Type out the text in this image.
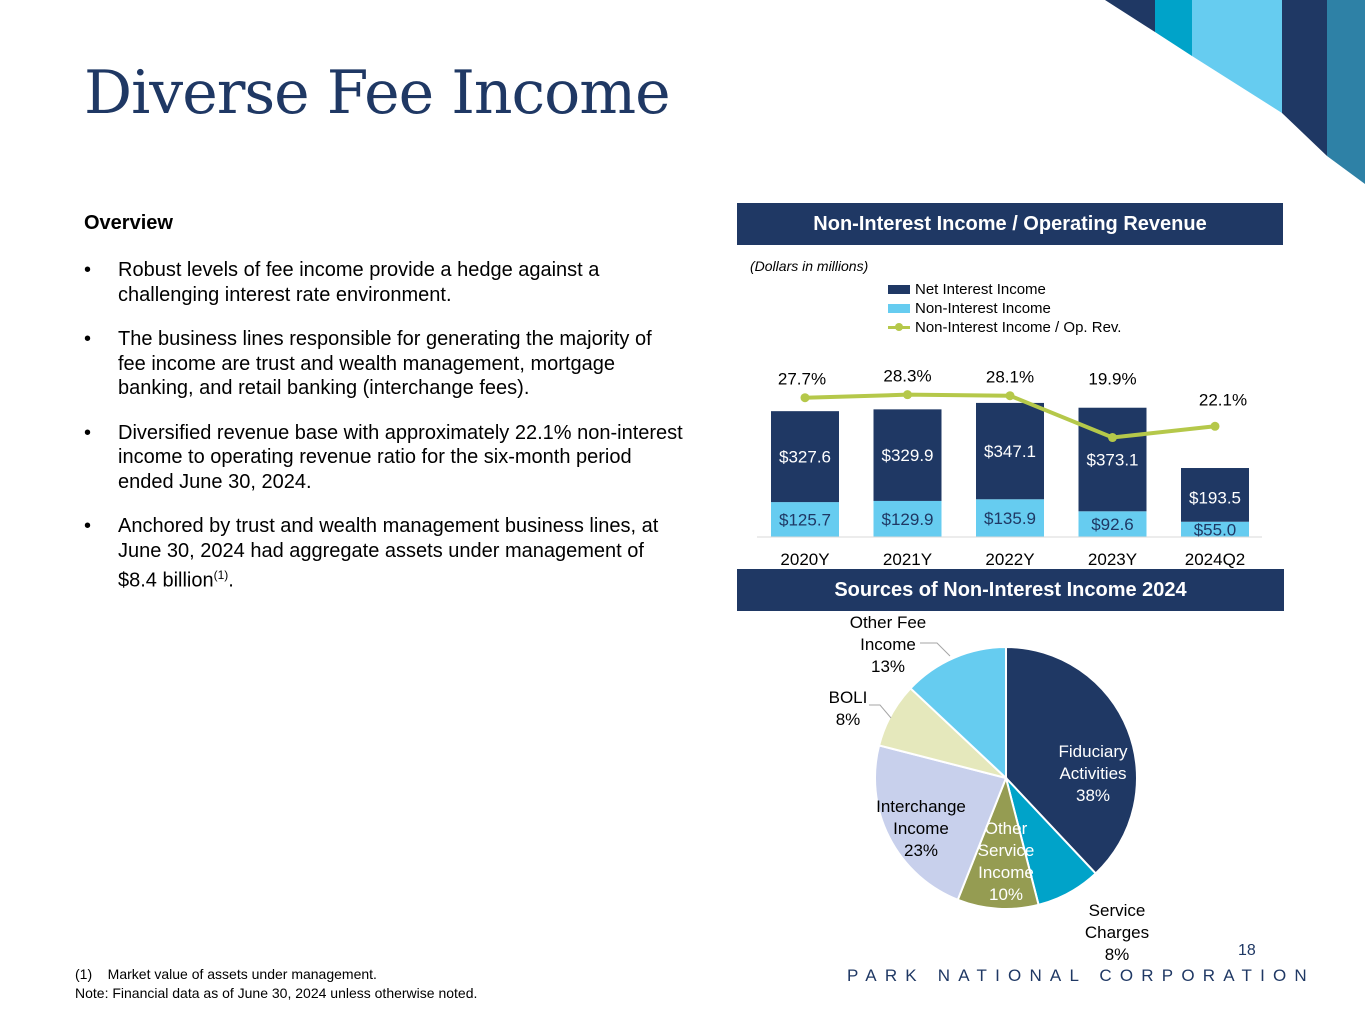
Diverse Fee Income
Overview
• Robust levels of fee income provide a hedge against a challenging interest rate environment.
• The business lines responsible for generating the majority of fee income are trust and wealth management, mortgage banking, and retail banking (interchange fees).
• Diversified revenue base with approximately 22.1% non-interest income to operating revenue ratio for the six-month period ended June 30, 2024.
• Anchored by trust and wealth management business lines, at June 30, 2024 had aggregate assets under management of $8.4 billion$^{(1)}$.
Non-Interest Income / Operating Revenue
(Dollars in millions)
Net Interest Income
Non-Interest Income
Non-Interest Income / Op. Rev.
$125.7
$327.6
2020Y
$129.9
$329.9
2021Y
$135.9
$347.1
2022Y
$92.6
$373.1
2023Y
$55.0
$193.5
2024Q2
27.7%	28.3%	28.1%	19.9%
22.1%
Sources of Non-Interest Income 2024
Fiduciary Activities 38%
Service Charges 8%
Other Service Income 10%
Interchange Income 23%
BOLI 8%
Other Fee Income 13%
(1)    Market value of assets under management.
Note: Financial data as of June 30, 2024 unless otherwise noted.
18
PARK NATIONAL CORPORATION
